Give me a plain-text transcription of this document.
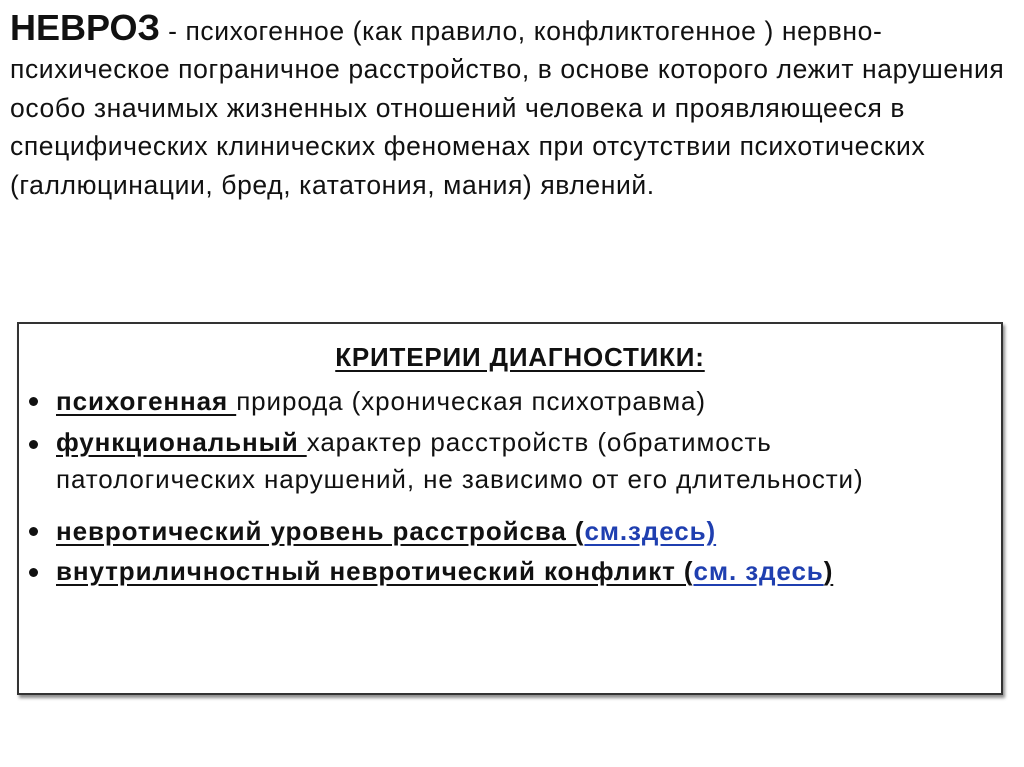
НЕВРОЗ - психогенное (как правило, конфликтогенное ) нервно-психическое пограничное расстройство, в основе которого лежит нарушения особо значимых жизненных отношений человека и проявляющееся в специфических клинических феноменах при отсутствии психотических (галлюцинации, бред, кататония, мания) явлений.
КРИТЕРИИ ДИАГНОСТИКИ:
психогенная природа (хроническая психотравма)
функциональный характер расстройств (обратимость патологических нарушений, не зависимо от его длительности)
невротический уровень расстройсва (см.здесь)
внутриличностный невротический конфликт (см. здесь)
